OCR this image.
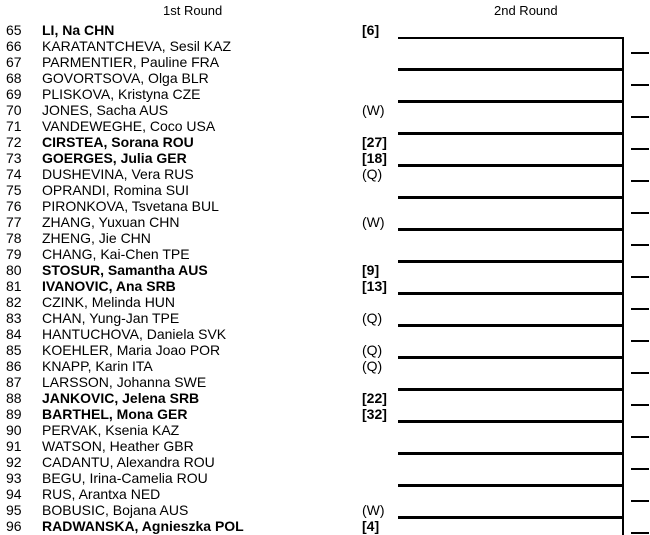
1st Round	2nd Round
65 LI, Na CHN	[6]
66 KARATANTCHEVA, Sesil KAZ
67 PARMENTIER, Pauline FRA
68 GOVORTSOVA, Olga BLR
69 PLISKOVA, Kristyna CZE
70 JONES, Sacha AUS	(W)
71 VANDEWEGHE, Coco USA
72 CIRSTEA, Sorana ROU	[27]
73 GOERGES, Julia GER	[18]
74 DUSHEVINA, Vera RUS	(Q)
75 OPRANDI, Romina SUI
76 PIRONKOVA, Tsvetana BUL
77 ZHANG, Yuxuan CHN	(W)
78 ZHENG, Jie CHN
79 CHANG, Kai-Chen TPE
80 STOSUR, Samantha AUS	[9]
81 IVANOVIC, Ana SRB	[13]
82 CZINK, Melinda HUN
83 CHAN, Yung-Jan TPE	(Q)
84 HANTUCHOVA, Daniela SVK
85 KOEHLER, Maria Joao POR	(Q)
86 KNAPP, Karin ITA	(Q)
87 LARSSON, Johanna SWE
88 JANKOVIC, Jelena SRB	[22]
89 BARTHEL, Mona GER	[32]
90 PERVAK, Ksenia KAZ
91 WATSON, Heather GBR
92 CADANTU, Alexandra ROU
93 BEGU, Irina-Camelia ROU
94 RUS, Arantxa NED
95 BOBUSIC, Bojana AUS	(W)
96 RADWANSKA, Agnieszka POL	[4]
